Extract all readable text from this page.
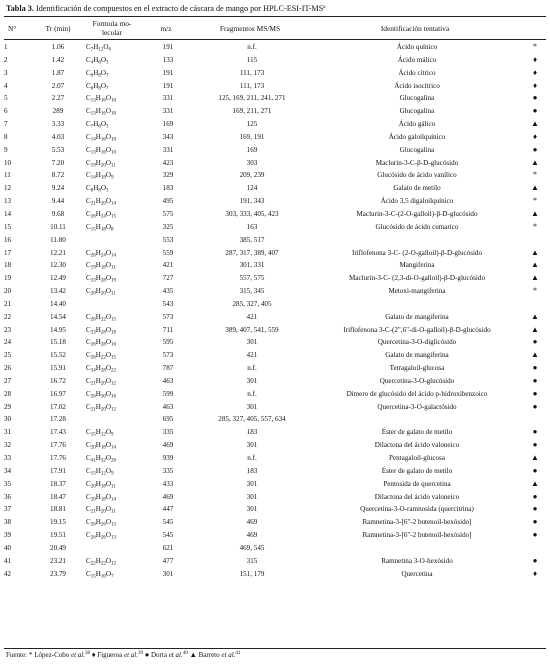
Tabla 3. Identificación de compuestos en el extracto de cáscara de mango por HPLC-$ESI-IT-MS^a$
N°	Tr (min)
Formula mo- lecular	m/z	Fragmentos MS/MS	Identificación tentativa
1	1.06	$C_7H_{12}O_6$	191	n.f.	Ácido quínico	*
2	1.42	$C_4H_6O_5$	133	115	Ácido málico	♦
3	1.87	$C_6H_8O_7$	191	111, 173	Ácido cítrico	♦
4	2.07	$C_6H_8O_7$	191	111, 173	Ácido isocítrico	♦
5	2.27	$C_{13}H_{16}O_{10}$	331	125, 169, 211, 241, 271	Glucogalina	●
6	289	$C_{13}H_{16}O_{10}$	331	169, 211, 271	Glucogalina	●
7	3.33	$C_7H_6O_5$	169	125	Ácido gálico	▲
8	4.03	$C_{14}H_{16}O_{10}$	343	169, 191	Ácido galoilquínico	♦
9	5.53	$C_{13}H_{16}O_{10}$	331	169	Glucogalina	●
10	7.20	$C_{19}H_{20}O_{11}$	423	303	Maclurin-3-C-β-D-glucósido	▲
11	8.72	$C_{14}H_{18}O_9$	329	209, 239	Glucósido de ácido vanílico	*
12	9.24	$C_8H_8O_5$	183	124	Galato de metilo	▲
13	9.44	$C_{21}H_{20}O_{14}$	495	191, 343	Ácido 3,5 digaloilquínico	*
14	9.68	$C_{26}H_{24}O_{15}$	575	303, 333, 405, 423	Maclurin-3-C-(2-O-galloil)-β-D-glucósido	▲
15	10.11	$C_{15}H_{18}O_8$	325	163	Glucósido de ácido cumarico	*
16	11.80		553	385, 517		
17	12.21	$C_{26}H_{24}O_{14}$	559	287, 317, 389, 407	Iriflofenona 3-C- (2-O-galloil)-β-D-glucósido	▲
18	12.30	$C_{19}H_{18}O_{11}$	421	301, 331	Mangiferina	▲
19	12.49	$C_{33}H_{28}O_{19}$	727	557, 575	Maclurin-3-C- (2,3-di-O-galloil)-β-D-glucósido	▲
20	13.42	$C_{20}H_{20}O_{11}$	435	315, 345	Metoxi-mangiferina	*
21	14.40		543	285, 327, 405		
22	14.54	$C_{26}H_{22}O_{15}$	573	421	Galato de mangiferina	▲
23	14.95	$C_{33}H_{28}O_{18}$	711	389, 407, 541, 559	Iriflofenona 3-C-(2",6"-di-O-galloil)-β-D-glucósido	▲
24	15.18	$C_{26}H_{28}O_{16}$	595	301	Quercetina-3-O-diglicósido	●
25	15.52	$C_{26}H_{22}O_{15}$	573	421	Galato de mangiferina	▲
26	15.91	$C_{34}H_{28}O_{22}$	787	n.f.	Tetragaloil-glucosa	●
27	16.72	$C_{21}H_{20}O_{12}$	463	301	Quercetina-3-O-glucósido	●
28	16.97	$C_{26}H_{30}O_{16}$	599	n.f.	Dimero de glucósido del ácido p-hidroxibenzoico	●
29	17.02	$C_{21}H_{20}O_{12}$	463	301	Quercetina-3-O-galactósido	●
30	17.28		695	285, 327, 405, 557, 634		
31	17.43	$C_{15}H_{12}O_9$	335	183	Éster de galato de metilo	●
32	17.76	$C_{20}H_{18}O_{14}$	469	301	Dilactona del ácido valoneico	●
33	17.76	$C_{41}H_{32}O_{26}$	939	n.f.	Pentagaloil-glucosa	▲
34	17.91	$C_{15}H_{12}O_9$	335	183	Éster de galato de metilo	●
35	18.37	$C_{20}H_{18}O_{11}$	433	301	Pentosida de quercetina	▲
36	18.47	$C_{20}H_{18}O_{14}$	469	301	Dilactona del ácido valoneico	●
37	18.81	$C_{21}H_{20}O_{11}$	447	301	Quercetina-3-O-ramnosida (quercitrina)	●
38	19.15	$C_{26}H_{26}O_{13}$	545	469	Ramnetina-3-[6"-2 butenoil-hexósido]	●
39	19.51	$C_{26}H_{26}O_{13}$	545	469	Ramnetina-3-[6"-2 butenoil-hexósido]	●
40	20.49		621	469, 545		
41	23.21	$C_{22}H_{22}O_{12}$	477	315	Ramnetina 3-O-hexósido	●
42	23.79	$C_{15}H_{10}O_7$	301	151, 179	Quercetina	♦
Fuente: * López-Cobo et al.$^{38}$ ♦ Figueroa et al.$^{39}$ ● Dorta et al.$^{40}$ ▲ Barreto et al.$^{41}$
